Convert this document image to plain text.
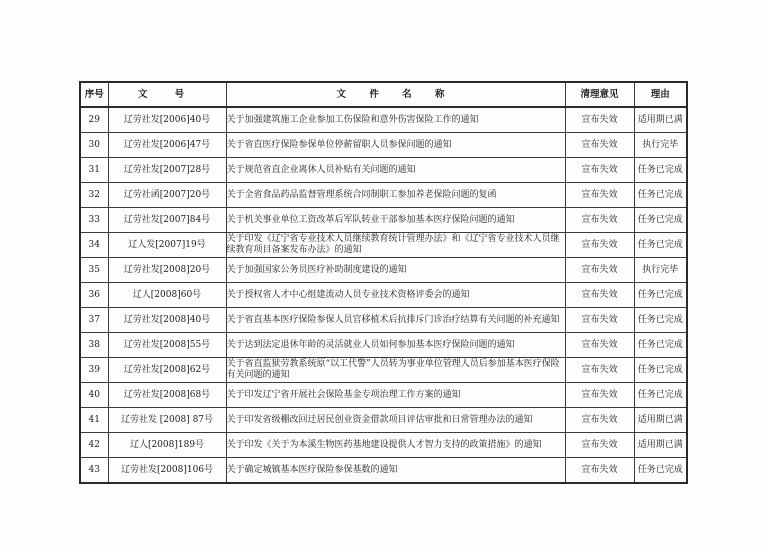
序号	文 号	文 件 名 称	清理意见	理由
29	辽劳社发[2006]40号	关于加强建筑施工企业参加工伤保险和意外伤害保险工作的通知	宣布失效	适用期已满
30	辽劳社发[2006]47号	关于省直医疗保险参保单位停薪留职人员参保问题的通知	宣布失效	执行完毕
31	辽劳社发[2007]28号	关于规范省直企业离休人员补贴有关问题的通知	宣布失效	任务已完成
32	辽劳社函[2007]20号	关于全省食品药品监督管理系统合同制职工参加养老保险问题的复函	宣布失效	任务已完成
33	辽劳社发[2007]84号	关于机关事业单位工资改革后军队转业干部参加基本医疗保险问题的通知	宣布失效	任务已完成
34	辽人发[2007]19号	关于印发《辽宁省专业技术人员继续教育统计管理办法》和《辽宁省专业技术人员继续教育项目备案发布办法》的通知	宣布失效	任务已完成
35	辽劳社发[2008]20号	关于加强国家公务员医疗补助制度建设的通知	宣布失效	执行完毕
36	辽人[2008]60号	关于授权省人才中心组建流动人员专业技术资格评委会的通知	宣布失效	任务已完成
37	辽劳社发[2008]40号	关于省直基本医疗保险参保人员官移植术后抗排斥门诊治疗结算有关问题的补充通知	宣布失效	任务已完成
38	辽劳社发[2008]55号	关于达到法定退休年龄的灵活就业人员如何参加基本医疗保险问题的通知	宣布失效	任务已完成
39	辽劳社发[2008]62号	关于省直监狱劳教系统原“以工代警”人员转为事业单位管理人员后参加基本医疗保险有关问题的通知	宣布失效	任务已完成
40	辽劳社发[2008]68号	关于印发辽宁省开展社会保险基金专项治理工作方案的通知	宣布失效	任务已完成
41	辽劳社发 [2008] 87号	关于印发省级棚改回迁居民创业资金借款项目评估审批和日常管理办法的通知	宣布失效	适用期已满
42	辽人[2008]189号	关于印发《关于为本溪生物医药基地建设提供人才智力支持的政策措施》的通知	宣布失效	适用期已满
43	辽劳社发[2008]106号	关于确定城镇基本医疗保险参保基数的通知	宣布失效	任务已完成
